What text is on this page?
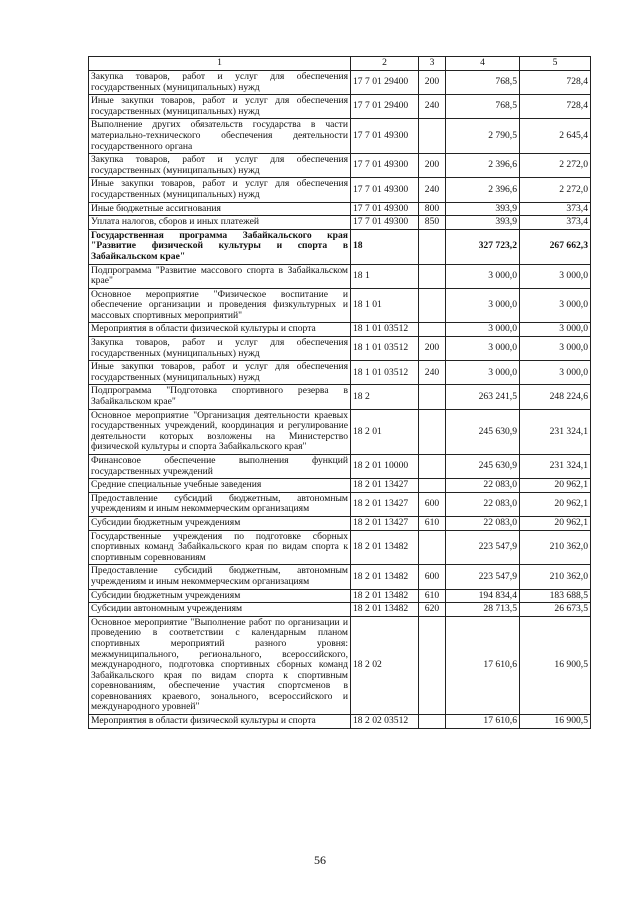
1	2	3	4	5
Закупка товаров, работ и услуг для обеспечения государственных (муниципальных) нужд	17 7 01 29400	200	768,5	728,4
Иные закупки товаров, работ и услуг для обеспечения государственных (муниципальных) нужд	17 7 01 29400	240	768,5	728,4
Выполнение других обязательств государства в части материально-технического обеспечения деятельности государственного органа	17 7 01 49300		2 790,5	2 645,4
Закупка товаров, работ и услуг для обеспечения государственных (муниципальных) нужд	17 7 01 49300	200	2 396,6	2 272,0
Иные закупки товаров, работ и услуг для обеспечения государственных (муниципальных) нужд	17 7 01 49300	240	2 396,6	2 272,0
Иные бюджетные ассигнования	17 7 01 49300	800	393,9	373,4
Уплата налогов, сборов и иных платежей	17 7 01 49300	850	393,9	373,4
Государственная программа Забайкальского края "Развитие физической культуры и спорта в Забайкальском крае"	18		327 723,2	267 662,3
Подпрограмма "Развитие массового спорта в Забайкальском крае"	18 1		3 000,0	3 000,0
Основное мероприятие "Физическое воспитание и обеспечение организации и проведения физкультурных и массовых спортивных мероприятий"	18 1 01		3 000,0	3 000,0
Мероприятия в области физической культуры и спорта	18 1 01 03512		3 000,0	3 000,0
Закупка товаров, работ и услуг для обеспечения государственных (муниципальных) нужд	18 1 01 03512	200	3 000,0	3 000,0
Иные закупки товаров, работ и услуг для обеспечения государственных (муниципальных) нужд	18 1 01 03512	240	3 000,0	3 000,0
Подпрограмма "Подготовка спортивного резерва в Забайкальском крае"	18 2		263 241,5	248 224,6
Основное мероприятие "Организация деятельности краевых государственных учреждений, координация и регулирование деятельности которых возложены на Министерство физической культуры и спорта Забайкальского края"	18 2 01		245 630,9	231 324,1
Финансовое обеспечение выполнения функций государственных учреждений	18 2 01 10000		245 630,9	231 324,1
Средние специальные учебные заведения	18 2 01 13427		22 083,0	20 962,1
Предоставление субсидий бюджетным, автономным учреждениям и иным некоммерческим организациям	18 2 01 13427	600	22 083,0	20 962,1
Субсидии бюджетным учреждениям	18 2 01 13427	610	22 083,0	20 962,1
Государственные учреждения по подготовке сборных спортивных команд Забайкальского края по видам спорта к спортивным соревнованиям	18 2 01 13482		223 547,9	210 362,0
Предоставление субсидий бюджетным, автономным учреждениям и иным некоммерческим организациям	18 2 01 13482	600	223 547,9	210 362,0
Субсидии бюджетным учреждениям	18 2 01 13482	610	194 834,4	183 688,5
Субсидии автономным учреждениям	18 2 01 13482	620	28 713,5	26 673,5
Основное мероприятие "Выполнение работ по организации и проведению в соответствии с календарным планом спортивных мероприятий разного уровня: межмуниципального, регионального, всероссийского, международного, подготовка спортивных сборных команд Забайкальского края по видам спорта к спортивным соревнованиям, обеспечение участия спортсменов в соревнованиях краевого, зонального, всероссийского и международного уровней"	18 2 02		17 610,6	16 900,5
Мероприятия в области физической культуры и спорта	18 2 02 03512		17 610,6	16 900,5
56
